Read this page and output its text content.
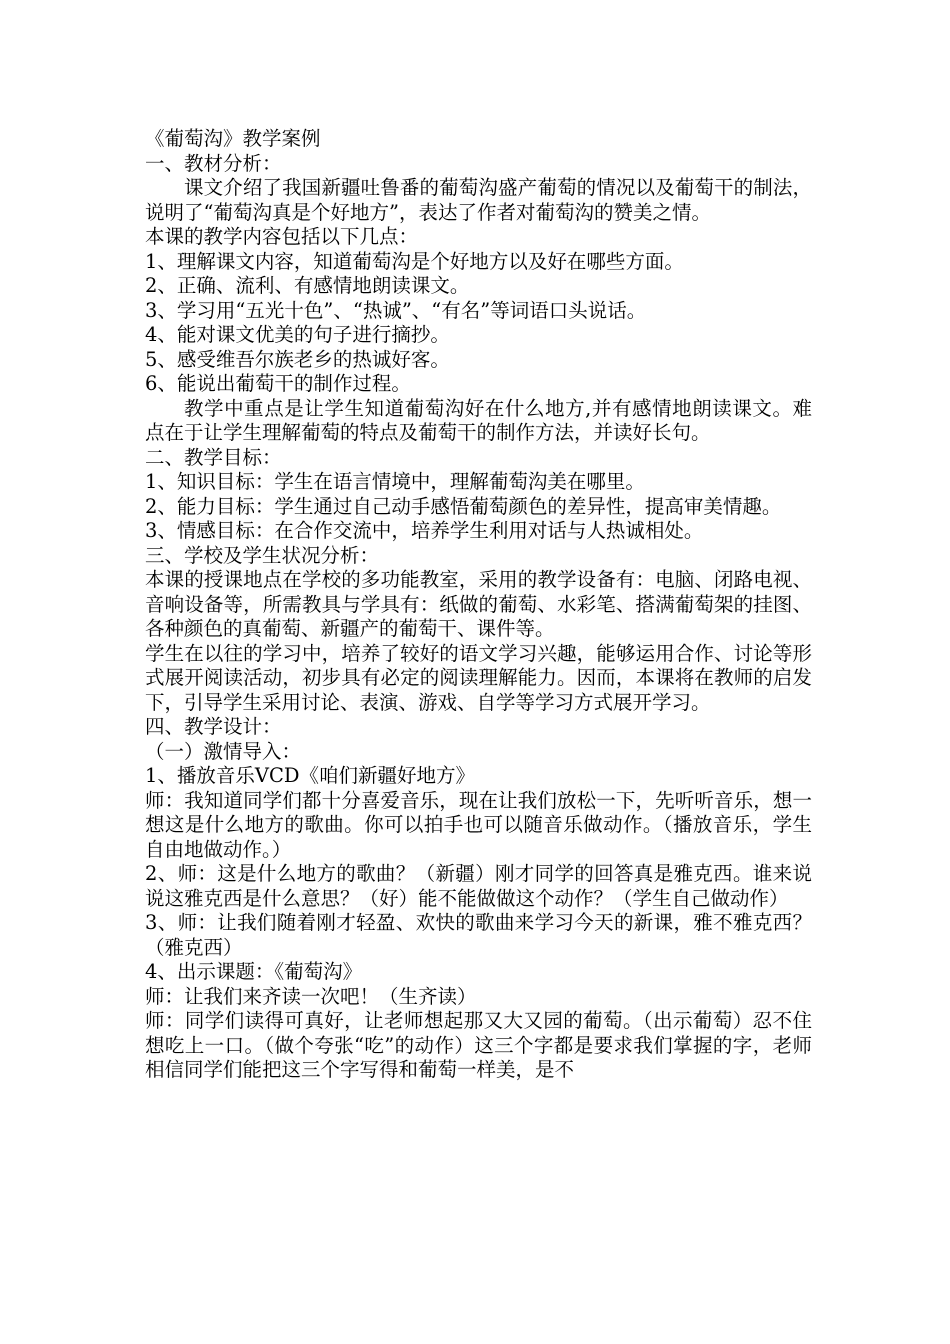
《葡萄沟》教学案例

一、教材分析：

课文介绍了我国新疆吐鲁番的葡萄沟盛产葡萄的情况以及葡萄干的制法，说明了“葡萄沟真是个好地方”，表达了作者对葡萄沟的赞美之情。

本课的教学内容包括以下几点：

1、理解课文内容，知道葡萄沟是个好地方以及好在哪些方面。

2、正确、流利、有感情地朗读课文。

3、学习用“五光十色”、“热诚”、“有名”等词语口头说话。

4、能对课文优美的句子进行摘抄。

5、感受维吾尔族老乡的热诚好客。

6、能说出葡萄干的制作过程。

教学中重点是让学生知道葡萄沟好在什么地方,并有感情地朗读课文。难点在于让学生理解葡萄的特点及葡萄干的制作方法，并读好长句。

二、教学目标：

1、知识目标：学生在语言情境中，理解葡萄沟美在哪里。

2、能力目标：学生通过自己动手感悟葡萄颜色的差异性，提高审美情趣。

3、情感目标：在合作交流中，培养学生利用对话与人热诚相处。

三、学校及学生状况分析：

本课的授课地点在学校的多功能教室，采用的教学设备有：电脑、闭路电视、音响设备等，所需教具与学具有：纸做的葡萄、水彩笔、搭满葡萄架的挂图、各种颜色的真葡萄、新疆产的葡萄干、课件等。

学生在以往的学习中，培养了较好的语文学习兴趣，能够运用合作、讨论等形式展开阅读活动，初步具有必定的阅读理解能力。因而，本课将在教师的启发下，引导学生采用讨论、表演、游戏、自学等学习方式展开学习。

四、教学设计：

（一）激情导入：

1、播放音乐VCD《咱们新疆好地方》

师：我知道同学们都十分喜爱音乐，现在让我们放松一下，先听听音乐，想一想这是什么地方的歌曲。你可以拍手也可以随音乐做动作。（播放音乐，学生自由地做动作。）

2、师：这是什么地方的歌曲？（新疆）刚才同学的回答真是雅克西。谁来说说这雅克西是什么意思？（好）能不能做做这个动作？（学生自己做动作）

3、师：让我们随着刚才轻盈、欢快的歌曲来学习今天的新课，雅不雅克西？（雅克西）

4、出示课题：《葡萄沟》

师：让我们来齐读一次吧！（生齐读）

师：同学们读得可真好，让老师想起那又大又园的葡萄。（出示葡萄）忍不住想吃上一口。（做个夸张“吃”的动作）这三个字都是要求我们掌握的字，老师相信同学们能把这三个字写得和葡萄一样美，是不
